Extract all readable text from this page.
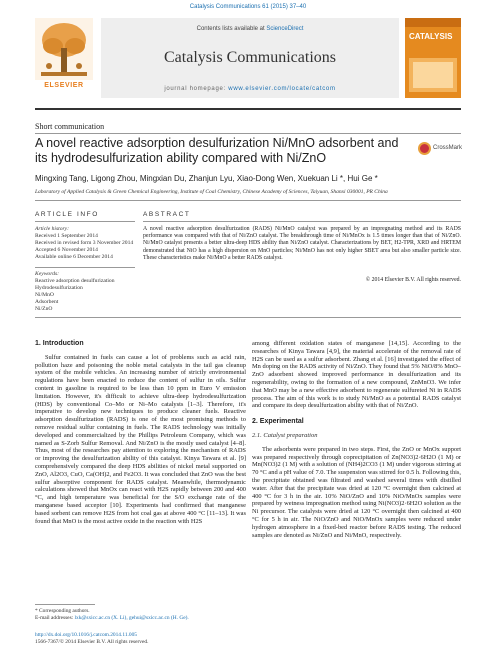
Catalysis Communications 61 (2015) 37–40
ELSEVIER
Contents lists available at ScienceDirect
Catalysis Communications
journal homepage: www.elsevier.com/locate/catcom
CATALYSIS
Short communication
A novel reactive adsorption desulfurization Ni/MnO adsorbent and its hydrodesulfurization ability compared with Ni/ZnO
CrossMark
Mingxing Tang, Ligong Zhou, Mingxian Du, Zhanjun Lyu, Xiao-Dong Wen, Xuekuan Li *, Hui Ge *
Laboratory of Applied Catalysis & Green Chemical Engineering, Institute of Coal Chemistry, Chinese Academy of Sciences, Taiyuan, Shanxi 030001, PR China
ARTICLE INFO
Article history:
Received 1 September 2014
Received in revised form 3 November 2014
Accepted 6 November 2014
Available online 6 December 2014
Keywords:
Reactive adsorption desulfurization
Hydrodesulfurization
Ni/MnO
Adsorbent
Ni/ZnO
ABSTRACT
A novel reactive adsorption desulfurization (RADS) Ni/MnO catalyst was prepared by an impregnating method and its RADS performance was compared with that of Ni/ZnO catalyst. The breakthrough time of Ni/MnOx is 1.5 times longer than that of Ni/ZnO. Ni/MnO catalyst presents a better ultra-deep HDS ability than Ni/ZnO catalyst. Characterizations by BET, H2-TPR, XRD and HRTEM demonstrated that NiO has a high dispersion on MnO particles; Ni/MnO has not only higher SBET area but also smaller particle size. These characteristics make Ni/MnO a better RADS catalyst.
© 2014 Elsevier B.V. All rights reserved.
1. Introduction

Sulfur contained in fuels can cause a lot of problems such as acid rain, pollution haze and poisoning the noble metal catalysts in the tail gas cleanup system of the mobile vehicles. An increasing number of strictly environmental regulations have been enacted to reduce the content of sulfur in oils. Sulfur content in gasoline is required to be less than 10 ppm in Euro V emission limitation. However, it's difficult to achieve ultra-deep hydrodesulfurization (HDS) by conventional Co–Mo or Ni–Mo catalysts [1–3]. Therefore, it's imperative to develop new techniques to produce cleaner fuels. Reactive adsorption desulfurization (RADS) is one of the most promising methods to remove residual sulfur containing in fuels. The RADS technology was initially developed and commercialized by the Phillips Petroleum Company, which was named as S-Zorb Sulfur Removal. And Ni/ZnO is the mostly used catalyst [4–8]. Thus, most of the researches pay attention to exploring the mechanism of RADS or improving the desulfurization ability of this catalyst. Kinya Tawara et al. [9] comprehensively compared the deep HDS abilities of nickel metal supported on ZnO, Al2O3, CuO, Ca(OH)2, and Fe2O3. It was concluded that ZnO was the best sulfur absorptive component for RADS catalyst. Meanwhile, thermodynamic calculations showed that MnOx can react with H2S rapidly between 200 and 400 °C, and high temperature was beneficial for the S/O exchange rate of the manganese based acceptor [10]. Experiments had confirmed that manganese based sorbent can remove H2S from hot coal gas at above 400 °C [11–13]. It was found that MnO is the most active oxide in the reaction with H2S

* Corresponding authors.
E-mail addresses: lxk@sxicc.ac.cn (X. Li), gehui@sxicc.ac.cn (H. Ge).
http://dx.doi.org/10.1016/j.catcom.2014.11.005
1566-7367/© 2014 Elsevier B.V. All rights reserved.

among different oxidation states of manganese [14,15]. According to the researches of Kinya Tawara [4,9], the material accelerate of the removal rate of H2S can be used as a sulfur adsorbent. Zhang et al. [16] investigated the effect of Mn doping on the RADS activity of Ni/ZnO. They found that 5% NiO/8% MnO–ZnO adsorbent showed improved performance in desulfurization and its regenerability, owing to the formation of a new compound, ZnMnO3. We infer that MnO may be a new effective adsorbent to regenerate sulfureted Ni in RADS process. The aim of this work is to study Ni/MnO as a potential RADS catalyst and compare its deep desulfurization ability with that of Ni/ZnO.

2. Experimental
2.1. Catalyst preparation

The adsorbents were prepared in two steps. First, the ZnO or MnOx support was prepared respectively through coprecipitation of Zn(NO3)2·6H2O (1 M) or Mn(NO3)2 (1 M) with a solution of (NH4)2CO3 (1 M) under vigorous stirring at 70 °C and a pH value of 7.0. The suspension was stirred for 0.5 h. Following this, the precipitate obtained was filtrated and washed several times with distilled water. After that the precipitate was dried at 120 °C overnight then calcined at 400 °C for 3 h in the air. 10% NiO/ZnO and 10% NiO/MnOx samples were prepared by wetness impregnation method using Ni(NO3)2·6H2O solution as the Ni precursor. The catalysts were dried at 120 °C overnight then calcined at 400 °C for 5 h in air. The NiO/ZnO and NiO/MnOx samples were reduced under hydrogen atmosphere in a fixed-bed reactor before RADS testing. The reduced samples are denoted as Ni/ZnO and Ni/MnO, respectively.
